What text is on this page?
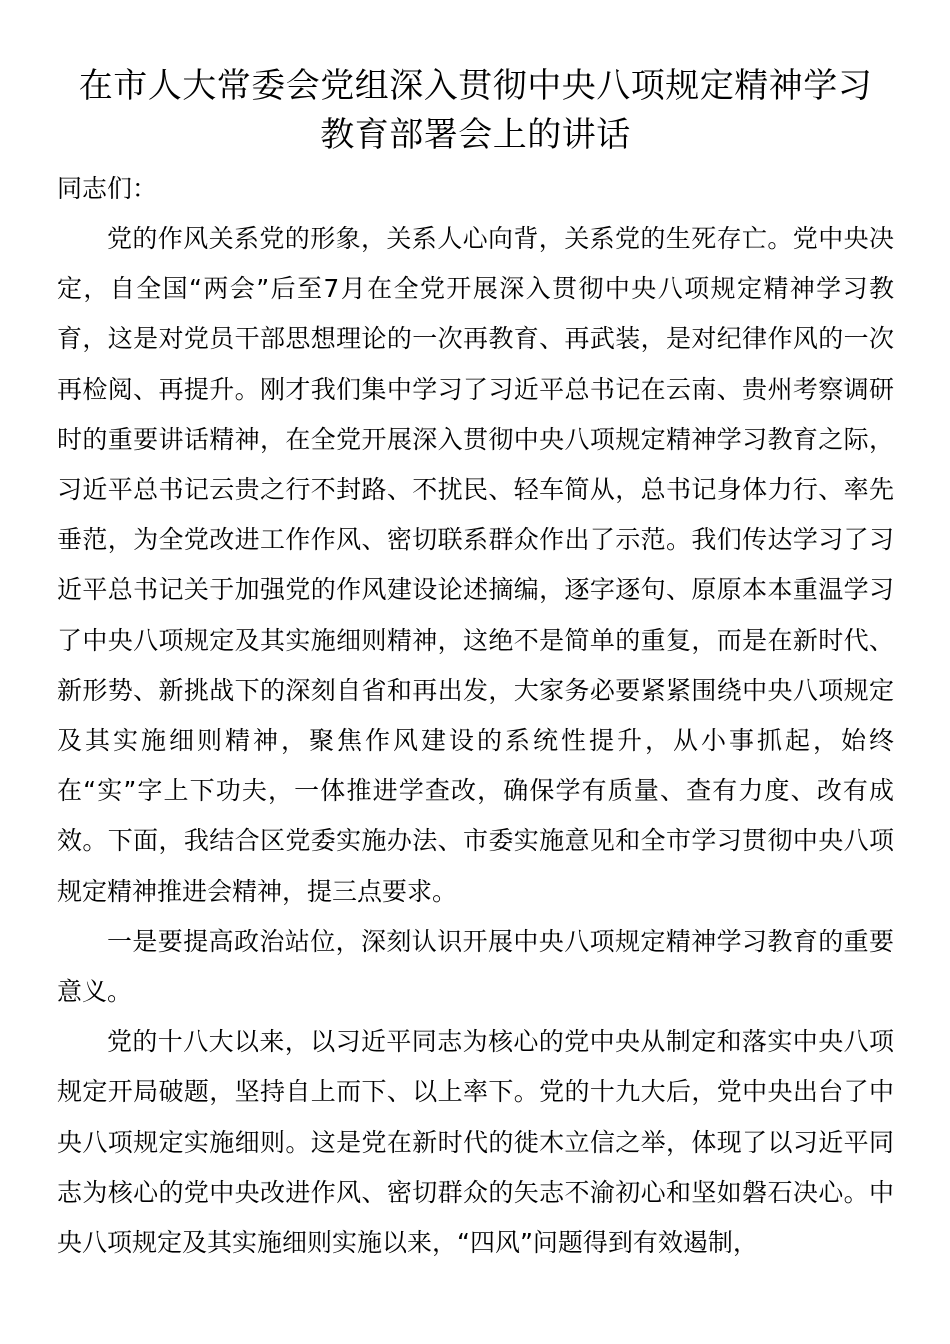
在市人大常委会党组深入贯彻中央八项规定精神学习
教育部署会上的讲话

同志们：

党的作风关系党的形象，关系人心向背，关系党的生死存亡。党中央决定，自全国“两会”后至7月在全党开展深入贯彻中央八项规定精神学习教育，这是对党员干部思想理论的一次再教育、再武装，是对纪律作风的一次再检阅、再提升。刚才我们集中学习了习近平总书记在云南、贵州考察调研时的重要讲话精神，在全党开展深入贯彻中央八项规定精神学习教育之际，习近平总书记云贵之行不封路、不扰民、轻车简从，总书记身体力行、率先垂范，为全党改进工作作风、密切联系群众作出了示范。我们传达学习了习近平总书记关于加强党的作风建设论述摘编，逐字逐句、原原本本重温学习了中央八项规定及其实施细则精神，这绝不是简单的重复，而是在新时代、新形势、新挑战下的深刻自省和再出发，大家务必要紧紧围绕中央八项规定及其实施细则精神，聚焦作风建设的系统性提升，从小事抓起，始终在“实”字上下功夫，一体推进学查改，确保学有质量、查有力度、改有成效。下面，我结合区党委实施办法、市委实施意见和全市学习贯彻中央八项规定精神推进会精神，提三点要求。

一是要提高政治站位，深刻认识开展中央八项规定精神学习教育的重要意义。

党的十八大以来，以习近平同志为核心的党中央从制定和落实中央八项规定开局破题，坚持自上而下、以上率下。党的十九大后，党中央出台了中央八项规定实施细则。这是党在新时代的徙木立信之举，体现了以习近平同志为核心的党中央改进作风、密切群众的矢志不渝初心和坚如磐石决心。中央八项规定及其实施细则实施以来，“四风”问题得到有效遏制，
